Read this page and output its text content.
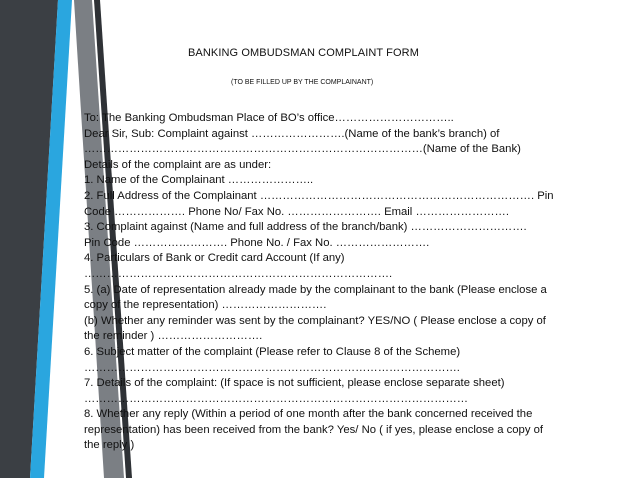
BANKING OMBUDSMAN COMPLAINT FORM
(TO BE FILLED UP BY THE COMPLAINANT)
To: The Banking Ombudsman Place of BO’s office…………………………..
Dear Sir, Sub: Complaint against …………………….(Name of the bank’s branch) of
………………………………………………………………………………(Name of the Bank)
Details of the complaint are as under:
1. Name of the Complainant …………………..
2. Full Address of the Complainant ………………………………………………………………. Pin
Code ………………. Phone No/ Fax No. ……………………. Email …………………….
3. Complaint against (Name and full address of the branch/bank) ………………………….
Pin Code ……………………. Phone No. / Fax No. …………………….
4. Particulars of Bank or Credit card Account (If any)
……………………………………………………………………….
5. (a) Date of representation already made by the complainant to the bank (Please enclose a
copy of the representation) ……………………….
(b) Whether any reminder was sent by the complainant? YES/NO ( Please enclose a copy of
the reminder ) ……………………….
6. Subject matter of the complaint (Please refer to Clause 8 of the Scheme)
……………………………………………………………………………………….
7. Details of the complaint: (If space is not sufficient, please enclose separate sheet)
…………………………………………………………………………………………
8. Whether any reply (Within a period of one month after the bank concerned received the
representation) has been received from the bank? Yes/ No ( if yes, please enclose a copy of
the reply )
